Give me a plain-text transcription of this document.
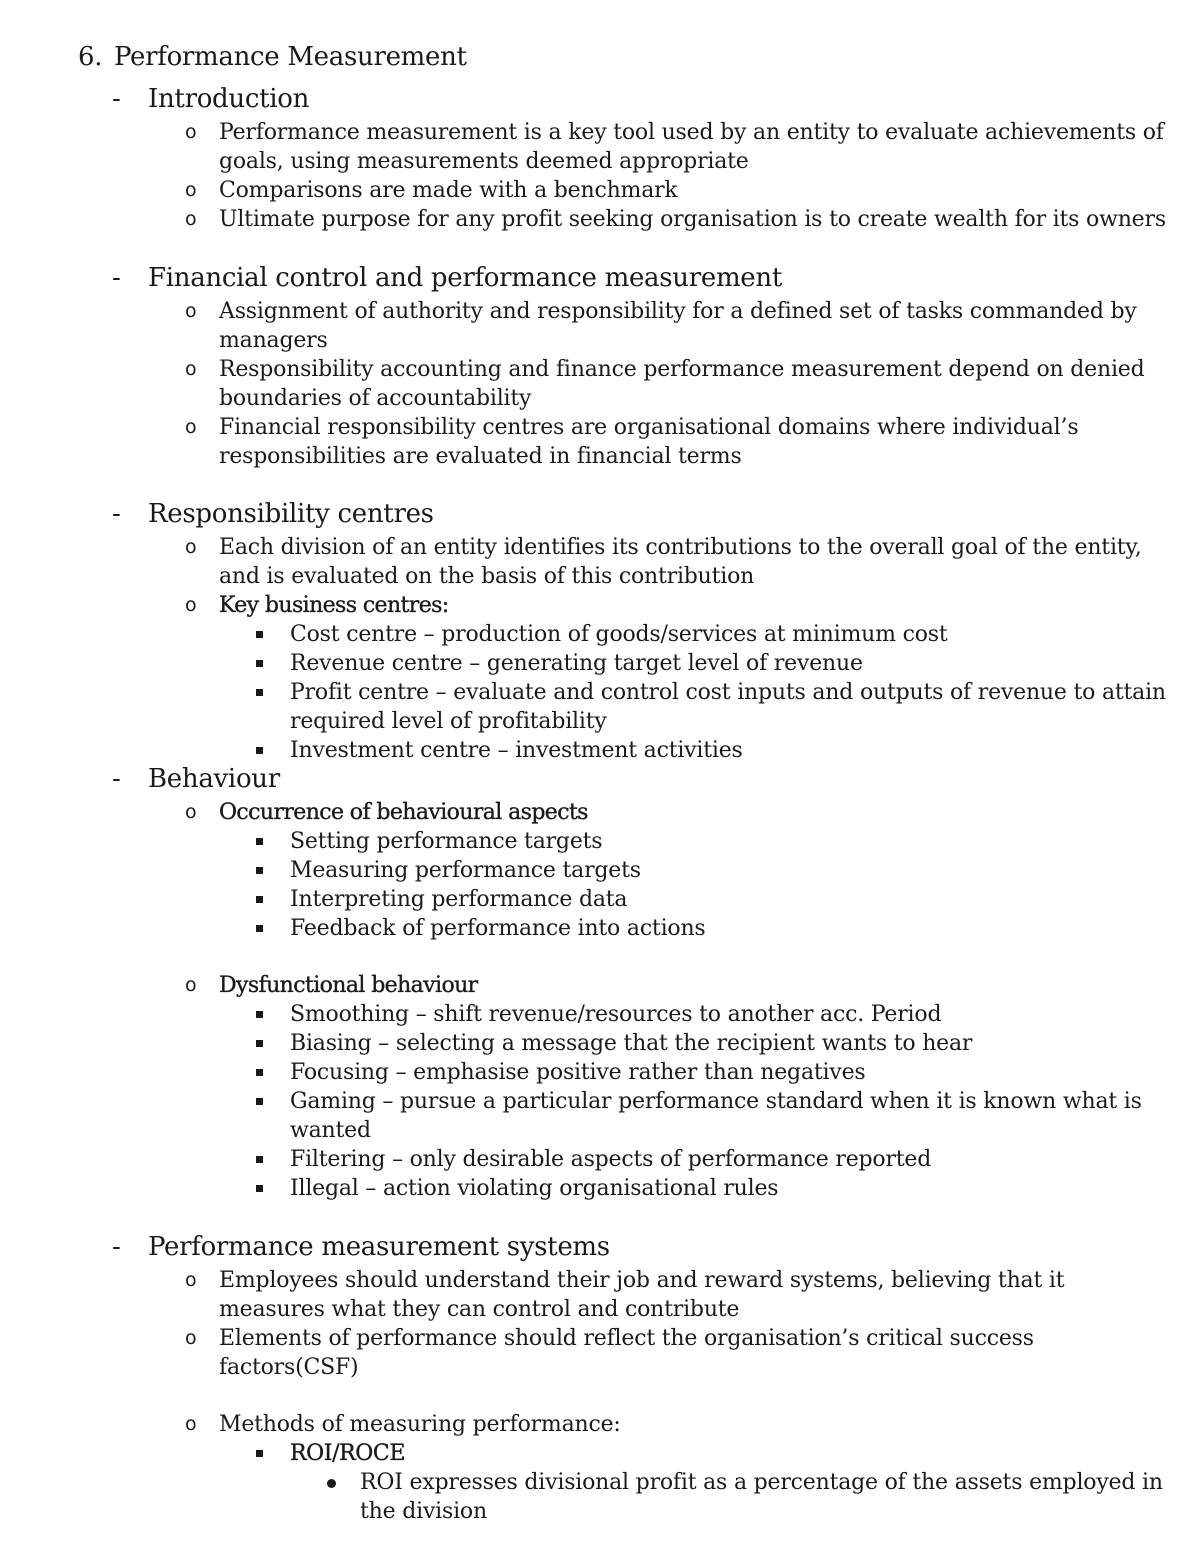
6. Performance Measurement
- Introduction
o Performance measurement is a key tool used by an entity to evaluate achievements of goals, using measurements deemed appropriate
o Comparisons are made with a benchmark
o Ultimate purpose for any profit seeking organisation is to create wealth for its owners
- Financial control and performance measurement
o Assignment of authority and responsibility for a defined set of tasks commanded by managers
o Responsibility accounting and finance performance measurement depend on denied boundaries of accountability
o Financial responsibility centres are organisational domains where individual’s responsibilities are evaluated in financial terms
- Responsibility centres
o Each division of an entity identifies its contributions to the overall goal of the entity, and is evaluated on the basis of this contribution
o Key business centres:
Cost centre – production of goods/services at minimum cost
Revenue centre – generating target level of revenue
Profit centre – evaluate and control cost inputs and outputs of revenue to attain required level of profitability
Investment centre – investment activities
- Behaviour
o Occurrence of behavioural aspects
Setting performance targets
Measuring performance targets
Interpreting performance data
Feedback of performance into actions
o Dysfunctional behaviour
Smoothing – shift revenue/resources to another acc. Period
Biasing – selecting a message that the recipient wants to hear
Focusing – emphasise positive rather than negatives
Gaming – pursue a particular performance standard when it is known what is wanted
Filtering – only desirable aspects of performance reported
Illegal – action violating organisational rules
- Performance measurement systems
o Employees should understand their job and reward systems, believing that it measures what they can control and contribute
o Elements of performance should reflect the organisation’s critical success factors(CSF)
o Methods of measuring performance:
ROI/ROCE
ROI expresses divisional profit as a percentage of the assets employed in the division
